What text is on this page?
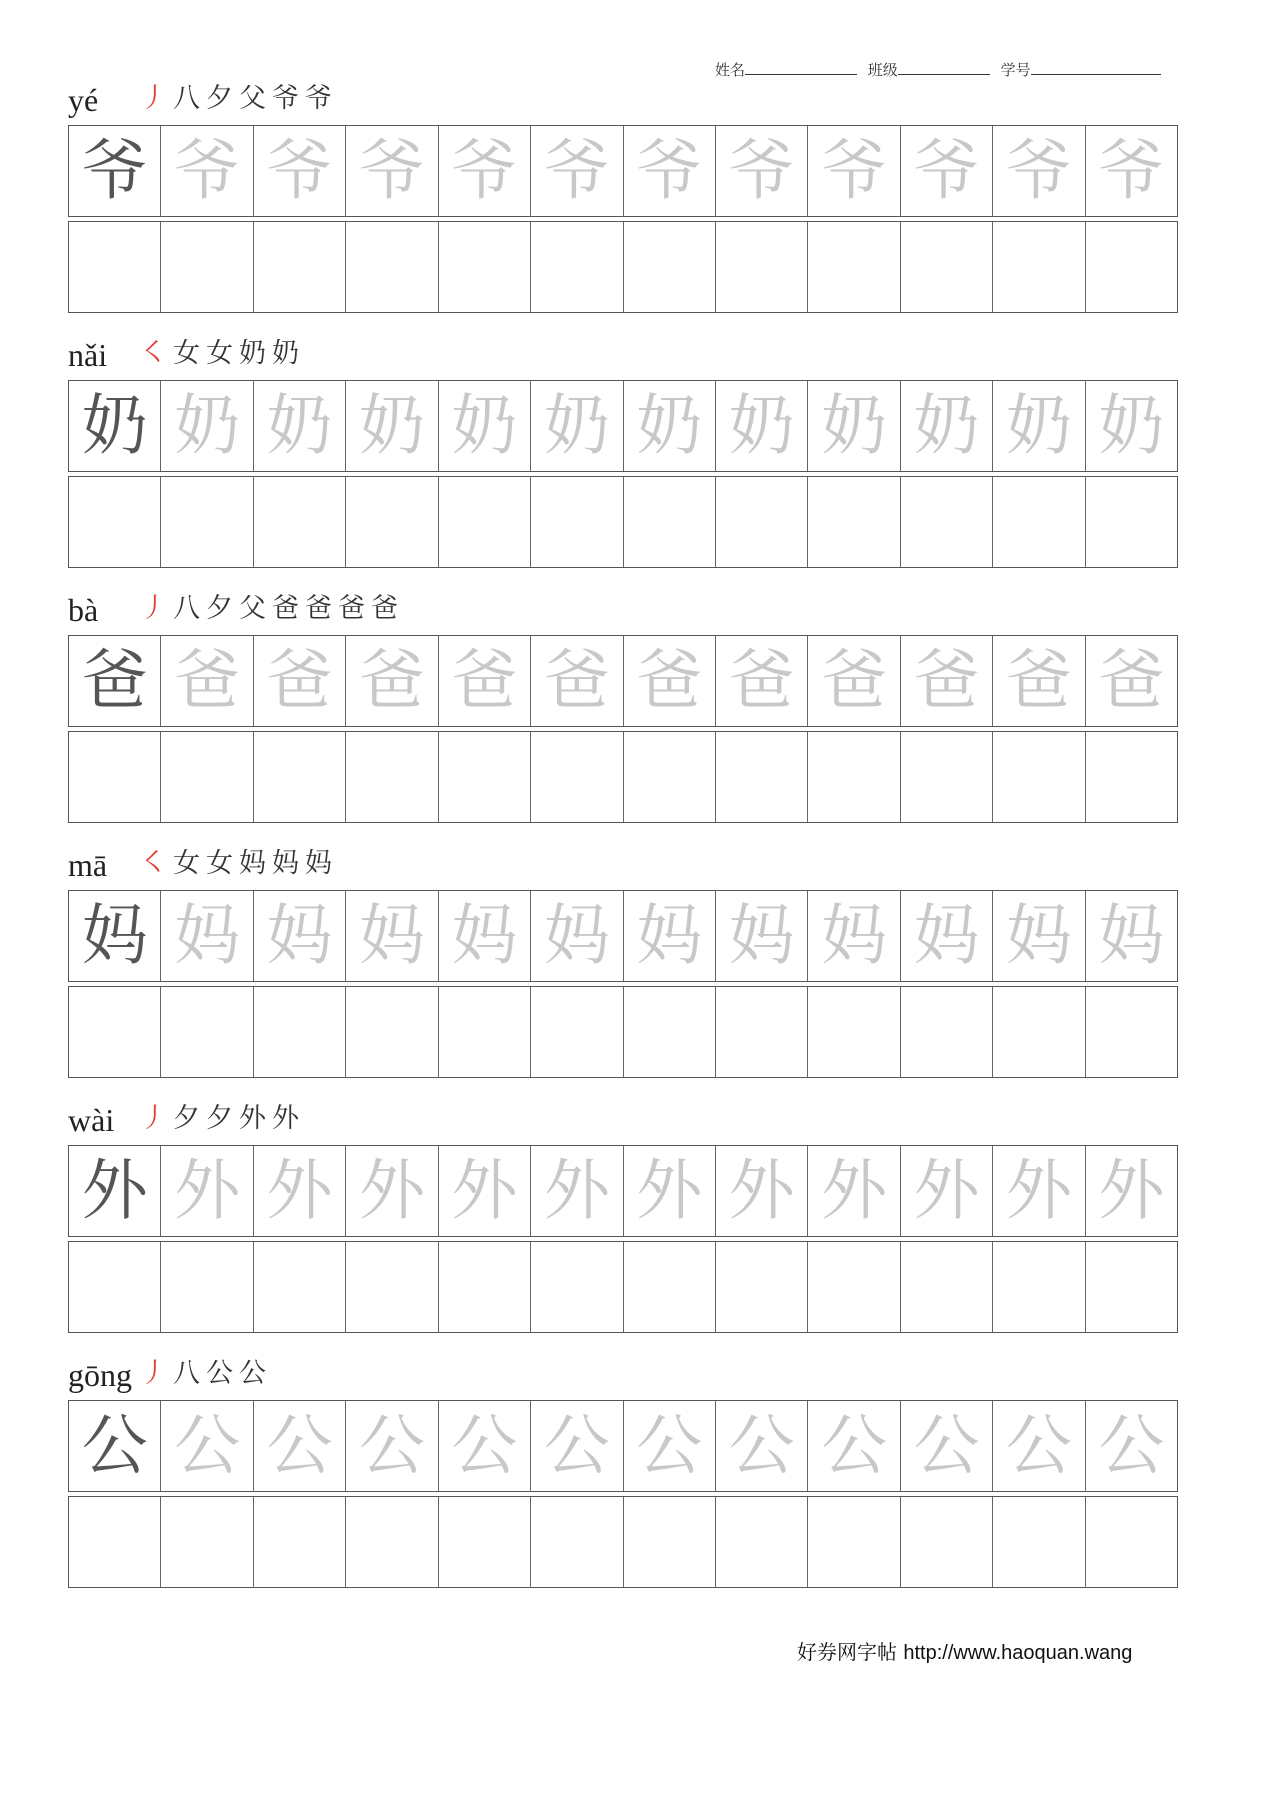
姓名	班级	学号
yé 丿 八 夕 父 爷 爷
爷 爷 爷 爷 爷 爷 爷 爷 爷 爷 爷 爷
nǎi ㇛ 女 女 奶 奶
奶 奶 奶 奶 奶 奶 奶 奶 奶 奶 奶 奶
bà 丿 八 夕 父 爸 爸 爸 爸
爸 爸 爸 爸 爸 爸 爸 爸 爸 爸 爸 爸
mā ㇛ 女 女 妈 妈 妈
妈 妈 妈 妈 妈 妈 妈 妈 妈 妈 妈 妈
wài 丿 夕 夕 外 外
外 外 外 外 外 外 外 外 外 外 外 外
gōng 丿 八 公 公
公 公 公 公 公 公 公 公 公 公 公 公
好券网字帖 http://www.haoquan.wang
